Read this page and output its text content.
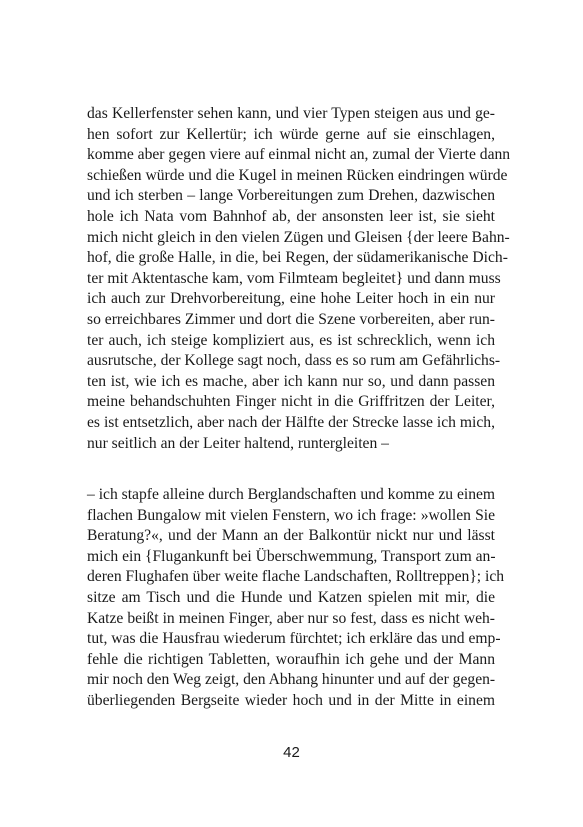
das Kellerfenster sehen kann, und vier Typen steigen aus und ge-
hen sofort zur Kellertür; ich würde gerne auf sie einschlagen,
komme aber gegen viere auf einmal nicht an, zumal der Vierte dann
schießen würde und die Kugel in meinen Rücken eindringen würde
und ich sterben – lange Vorbereitungen zum Drehen, dazwischen
hole ich Nata vom Bahnhof ab, der ansonsten leer ist, sie sieht
mich nicht gleich in den vielen Zügen und Gleisen {der leere Bahn-
hof, die große Halle, in die, bei Regen, der südamerikanische Dich-
ter mit Aktentasche kam, vom Filmteam begleitet} und dann muss
ich auch zur Drehvorbereitung, eine hohe Leiter hoch in ein nur
so erreichbares Zimmer und dort die Szene vorbereiten, aber run-
ter auch, ich steige kompliziert aus, es ist schrecklich, wenn ich
ausrutsche, der Kollege sagt noch, dass es so rum am Gefährlichs-
ten ist, wie ich es mache, aber ich kann nur so, und dann passen
meine behandschuhten Finger nicht in die Griffritzen der Leiter,
es ist entsetzlich, aber nach der Hälfte der Strecke lasse ich mich,
nur seitlich an der Leiter haltend, runtergleiten –
– ich stapfe alleine durch Berglandschaften und komme zu einem
flachen Bungalow mit vielen Fenstern, wo ich frage: »wollen Sie
Beratung?«, und der Mann an der Balkontür nickt nur und lässt
mich ein {Flugankunft bei Überschwemmung, Transport zum an-
deren Flughafen über weite flache Landschaften, Rolltreppen}; ich
sitze am Tisch und die Hunde und Katzen spielen mit mir, die
Katze beißt in meinen Finger, aber nur so fest, dass es nicht weh-
tut, was die Hausfrau wiederum fürchtet; ich erkläre das und emp-
fehle die richtigen Tabletten, woraufhin ich gehe und der Mann
mir noch den Weg zeigt, den Abhang hinunter und auf der gegen-
überliegenden Bergseite wieder hoch und in der Mitte in einem
42
